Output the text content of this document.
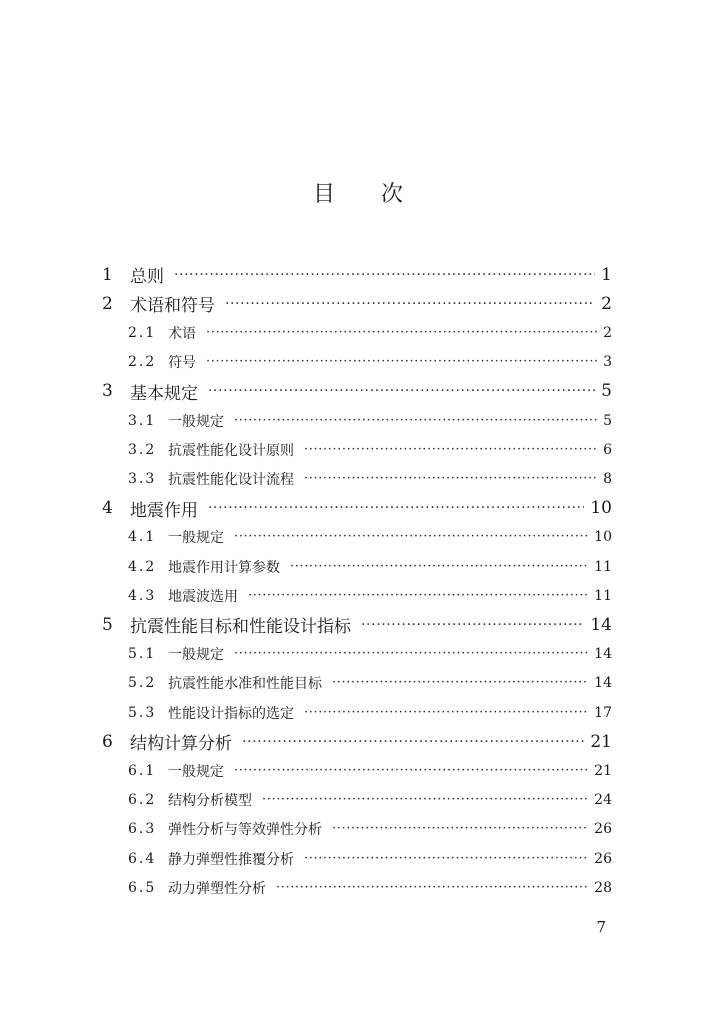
目 次
1 总则 ·····	1
2 术语和符号 ·····	2
2.1 术语 ·····	2
2.2 符号 ·····	3
3 基本规定 ·····	5
3.1 一般规定 ·····	5
3.2 抗震性能化设计原则 ·····	6
3.3 抗震性能化设计流程 ·····	8
4 地震作用 ·····	10
4.1 一般规定 ·····	10
4.2 地震作用计算参数 ·····	11
4.3 地震波选用 ·····	11
5 抗震性能目标和性能设计指标 ·····	14
5.1 一般规定 ·····	14
5.2 抗震性能水准和性能目标 ·····	14
5.3 性能设计指标的选定 ·····	17
6 结构计算分析 ·····	21
6.1 一般规定 ·····	21
6.2 结构分析模型 ·····	24
6.3 弹性分析与等效弹性分析 ·····	26
6.4 静力弹塑性推覆分析 ·····	26
6.5 动力弹塑性分析 ·····	28
7
